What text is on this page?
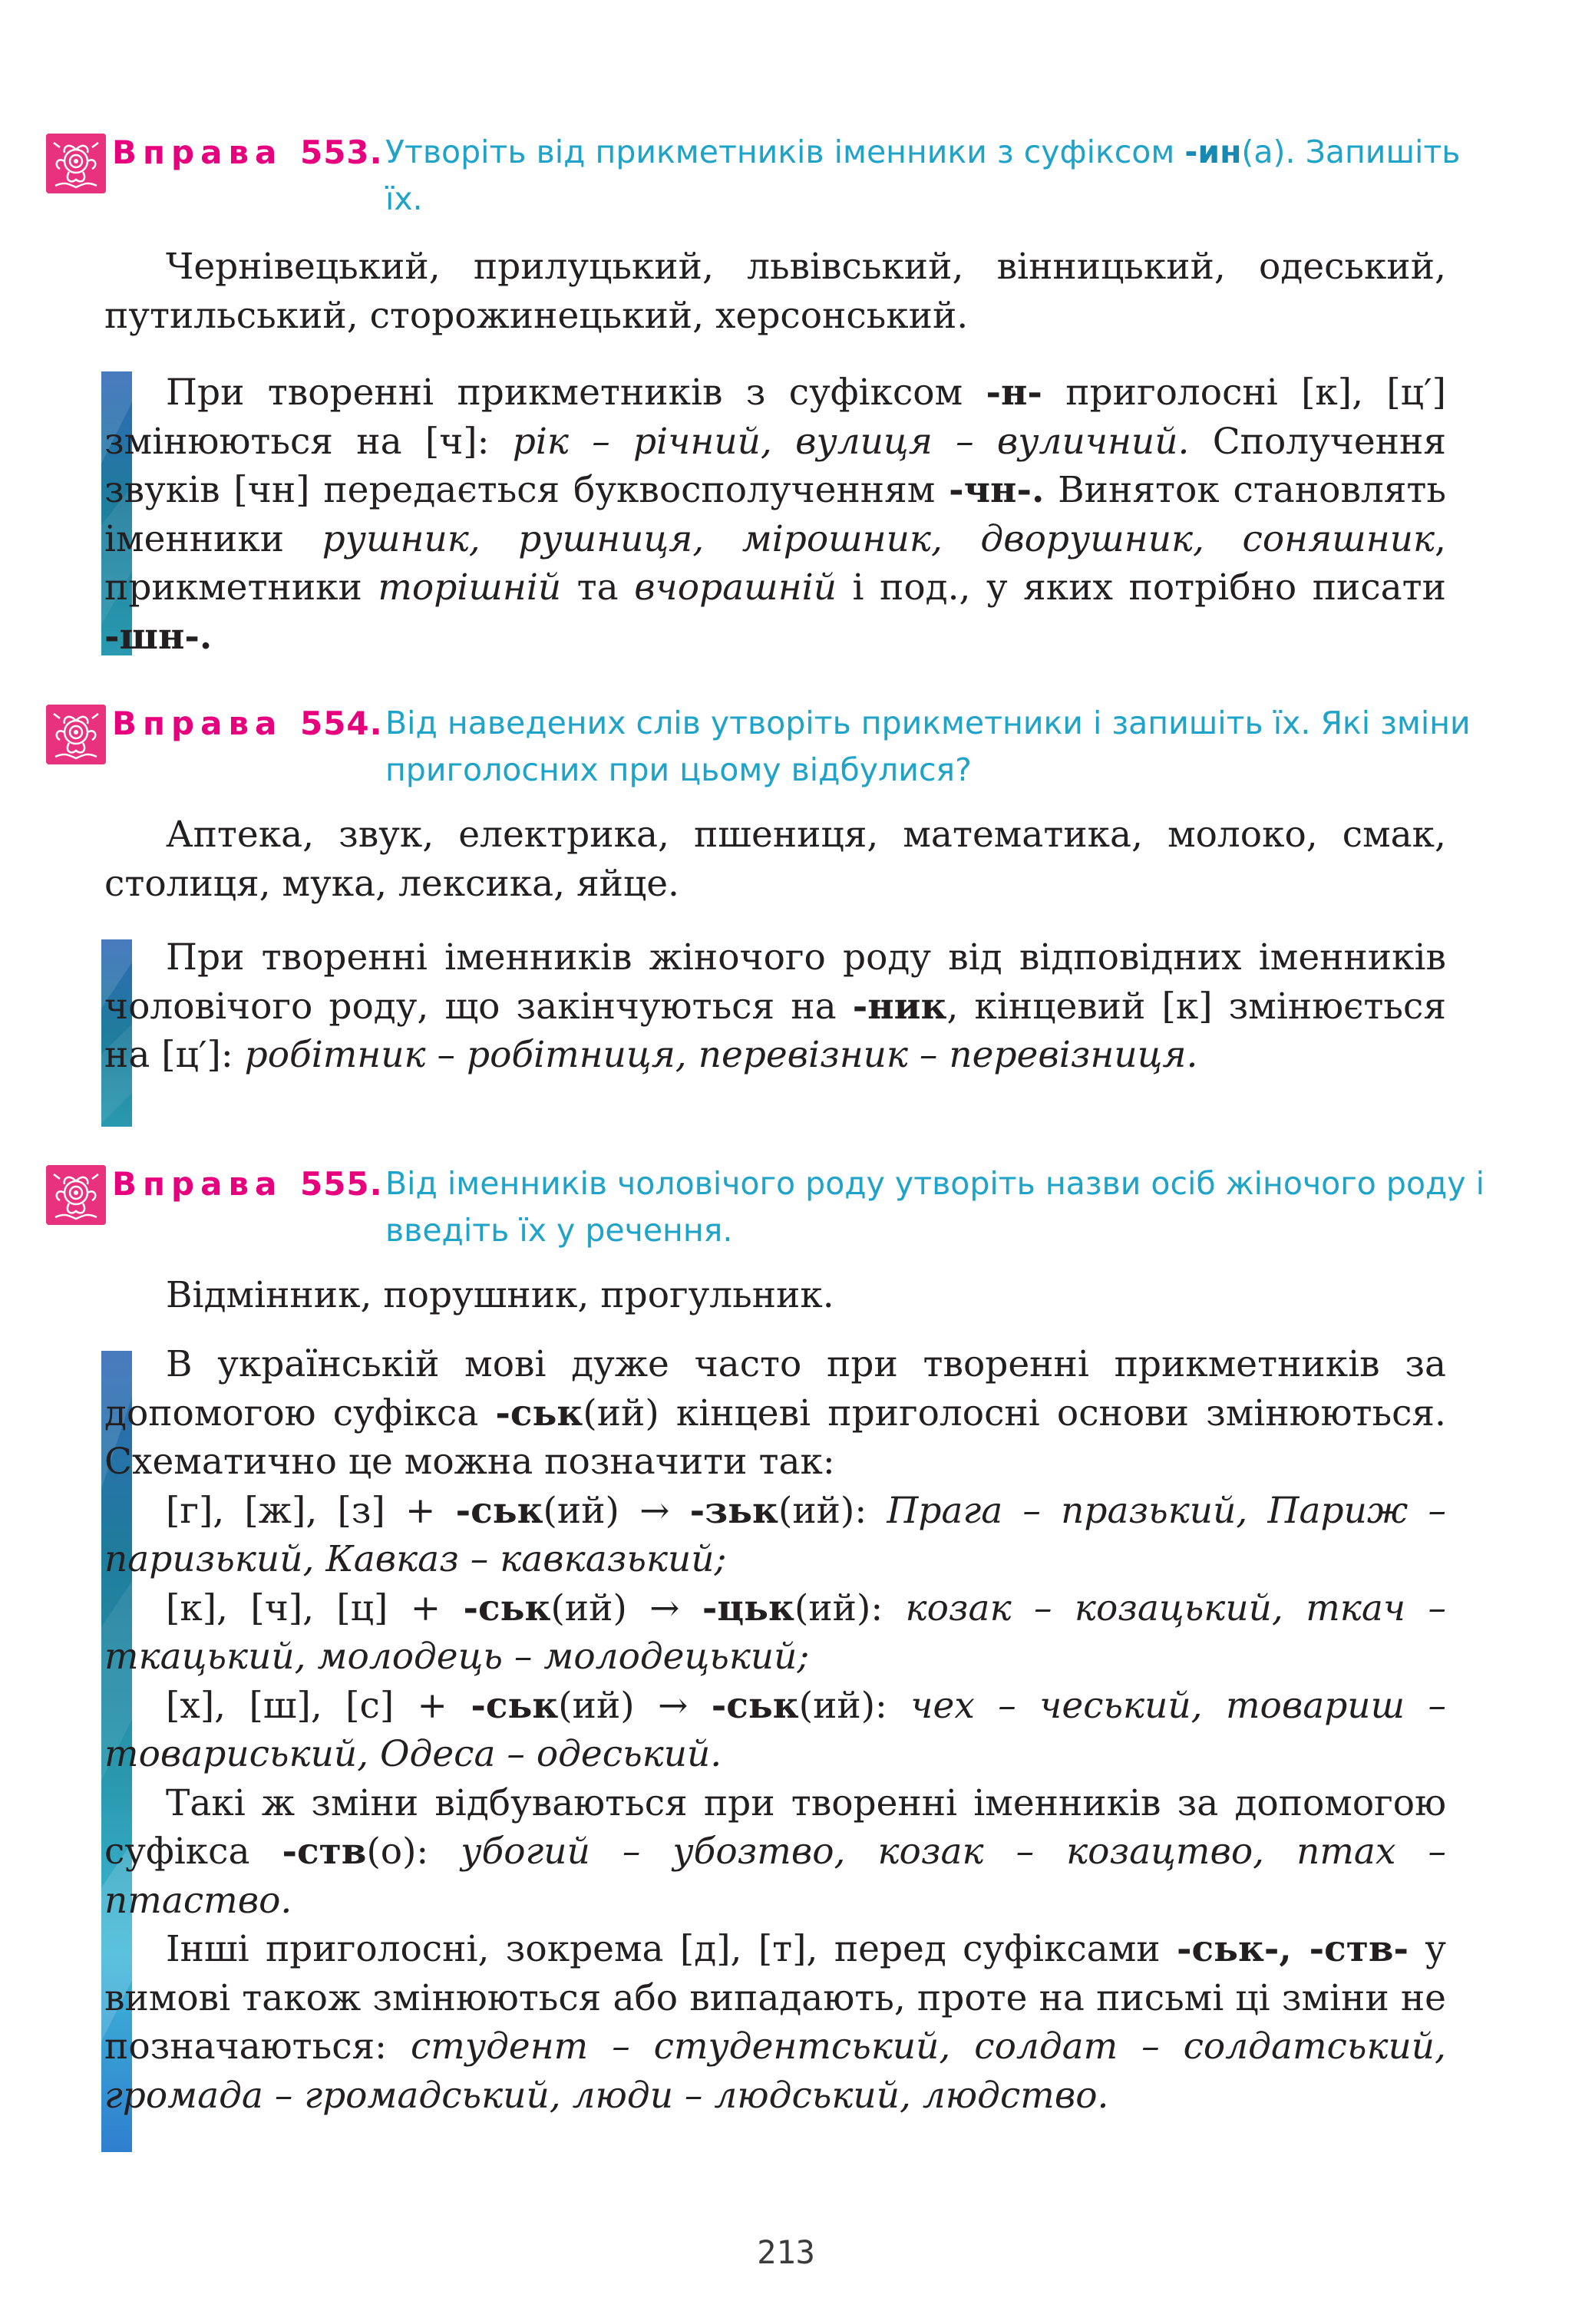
Вправа 553. Утворіть від прикметників іменники з суфіксом -ин(а). Запишіть їх.
Чернівецький, прилуцький, львівський, вінницький, одеський, путильський, сторожинецький, херсонський.

При творенні прикметників з суфіксом -н- приголосні [к], [ц′] змінюються на [ч]: рік – річний, вулиця – вуличний. Сполучення звуків [чн] передається буквосполученням -чн-. Виняток становлять іменники рушник, рушниця, мірошник, дворушник, соняшник, прикметники торішній та вчорашній і под., у яких потрібно писати -шн-.

Вправа 554. Від наведених слів утворіть прикметники і запишіть їх. Які зміни приголосних при цьому відбулися?
Аптека, звук, електрика, пшениця, математика, молоко, смак, столиця, мука, лексика, яйце.

При творенні іменників жіночого роду від відповідних іменників чоловічого роду, що закінчуються на -ник, кінцевий [к] змінюється на [ц′]: робітник – робітниця, перевізник – перевізниця.

Вправа 555. Від іменників чоловічого роду утворіть назви осіб жіночого роду і введіть їх у речення.
Відмінник, порушник, прогульник.

В українській мові дуже часто при творенні прикметників за допомогою суфікса -ськ(ий) кінцеві приголосні основи змінюються. Схематично це можна позначити так:

[г], [ж], [з] + -ськ(ий) → -зьк(ий): Прага – празький, Париж – паризький, Кавказ – кавказький;

[к], [ч], [ц] + -ськ(ий) → -цьк(ий): козак – козацький, ткач – ткацький, молодець – молодецький;

[х], [ш], [с] + -ськ(ий) → -ськ(ий): чех – чеський, товариш – товариський, Одеса – одеський.

Такі ж зміни відбуваються при творенні іменників за допомогою суфікса -ств(о): убогий – убозтво, козак – козацтво, птах – птаство.

Інші приголосні, зокрема [д], [т], перед суфіксами -ськ-, -ств- у вимові також змінюються або випадають, проте на письмі ці зміни не позначаються: студент – студентський, солдат – солдатський, громада – громадський, люди – людський, людство.

213
